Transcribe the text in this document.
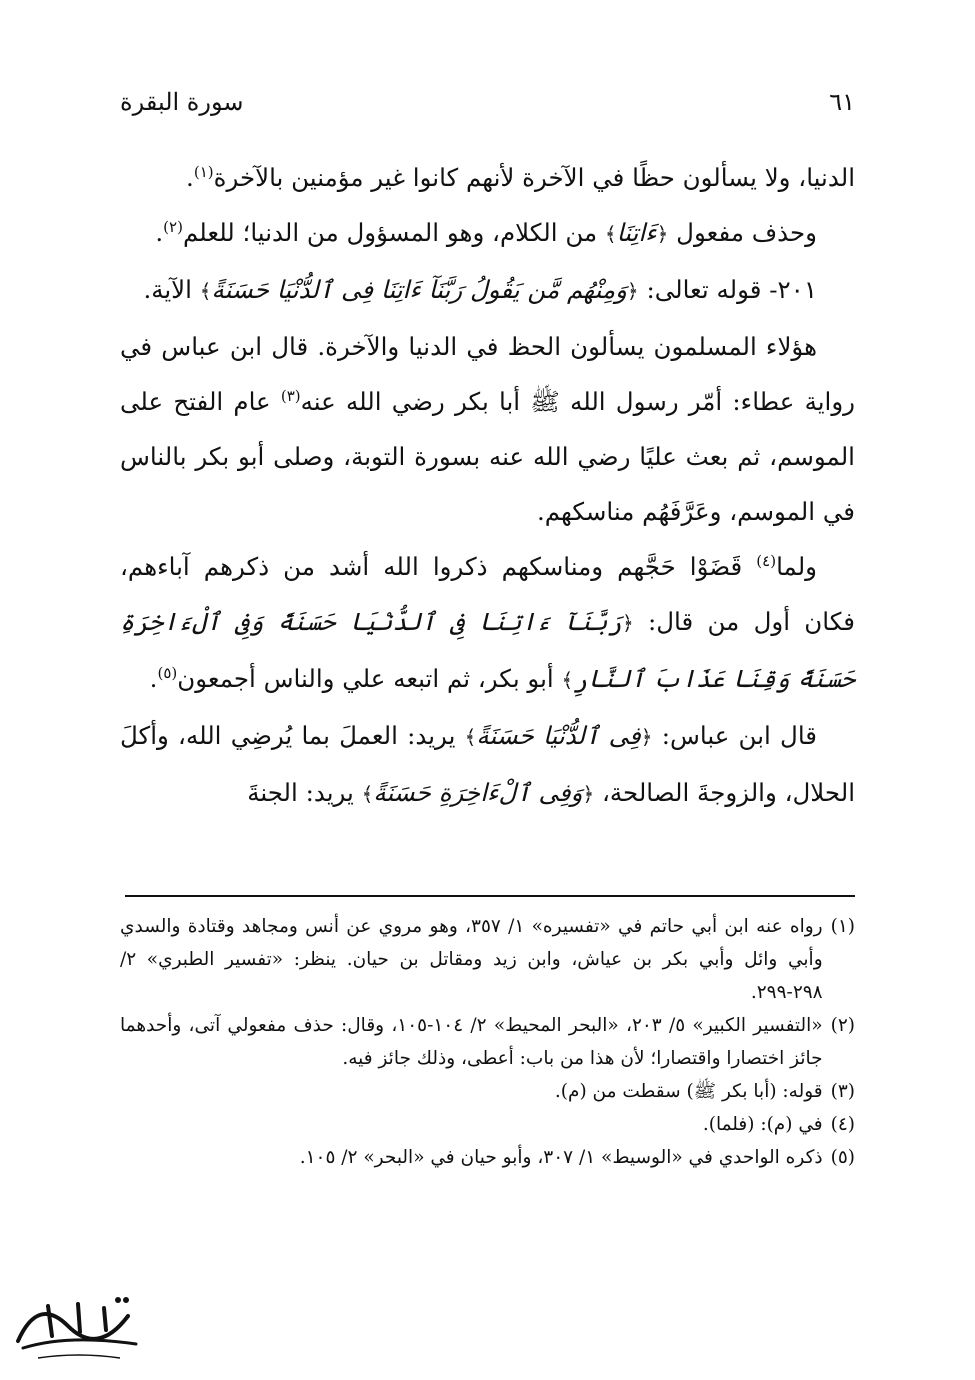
٦١
سورة البقرة

الدنيا، ولا يسألون حظًا في الآخرة لأنهم كانوا غير مؤمنين بالآخرة$^{(١)}$.

وحذف مفعول ﴿ءَاتِنَا﴾ من الكلام، وهو المسؤول من الدنيا؛ للعلم$^{(٢)}$.

٢٠١- قوله تعالى: ﴿وَمِنْهُم مَّن يَقُولُ رَبَّنَآ ءَاتِنَا فِى ٱلدُّنْيَا حَسَنَةً﴾ الآية.

هؤلاء المسلمون يسألون الحظ في الدنيا والآخرة. قال ابن عباس في رواية عطاء: أمّر رسول الله ﷺ أبا بكر رضي الله عنه$^{(٣)}$ عام الفتح على الموسم، ثم بعث عليًا رضي الله عنه بسورة التوبة، وصلى أبو بكر بالناس في الموسم، وعَرَّفَهُم مناسكهم.

ولما$^{(٤)}$ قَضَوْا حَجَّهم ومناسكهم ذكروا الله أشد من ذكرهم آباءهم، فكان أول من قال: ﴿رَبَّنَآ ءَاتِنَا فِى ٱلدُّنْيَا حَسَنَةً وَفِى ٱلْءَاخِرَةِ حَسَنَةً وَقِنَا عَذَابَ ٱلنَّارِ﴾ أبو بكر، ثم اتبعه علي والناس أجمعون$^{(٥)}$.

قال ابن عباس: ﴿فِى ٱلدُّنْيَا حَسَنَةً﴾ يريد: العملَ بما يُرضِي الله، وأكلَ الحلال، والزوجةَ الصالحة، ﴿وَفِى ٱلْءَاخِرَةِ حَسَنَةً﴾ يريد: الجنةَ

(١)
رواه عنه ابن أبي حاتم في «تفسيره» ١/ ٣٥٧، وهو مروي عن أنس ومجاهد وقتادة والسدي وأبي وائل وأبي بكر بن عياش، وابن زيد ومقاتل بن حيان. ينظر: «تفسير الطبري» ٢/ ٢٩٨-٢٩٩.
(٢)
«التفسير الكبير» ٥/ ٢٠٣، «البحر المحيط» ٢/ ١٠٤-١٠٥، وقال: حذف مفعولي آتى، وأحدهما جائز اختصارا واقتصارا؛ لأن هذا من باب: أعطى، وذلك جائز فيه.
(٣)
قوله: (أبا بكر ﷺ) سقطت من (م).
(٤)
في (م): (فلما).
(٥)
ذكره الواحدي في «الوسيط» ١/ ٣٠٧، وأبو حيان في «البحر» ٢/ ١٠٥.
